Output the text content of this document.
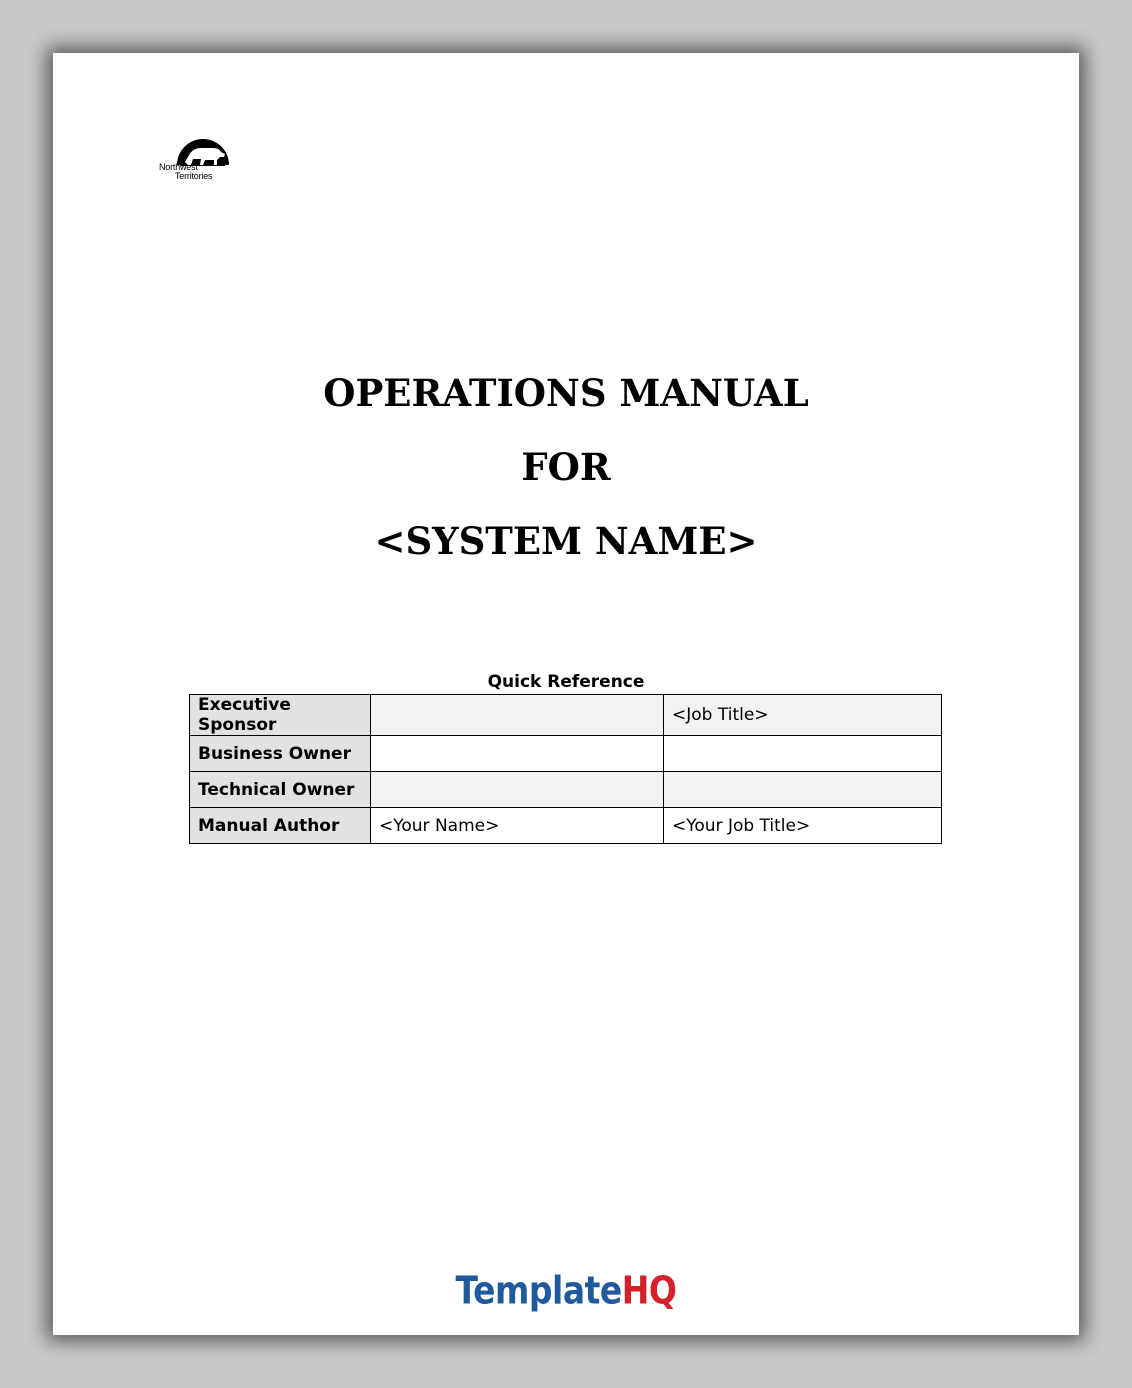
Northwest
Territories
OPERATIONS MANUAL
FOR
<SYSTEM NAME>
Quick Reference
Executive Sponsor		<Job Title>
Business Owner		
Technical Owner		
Manual Author	<Your Name>	<Your Job Title>
TemplateHQ
